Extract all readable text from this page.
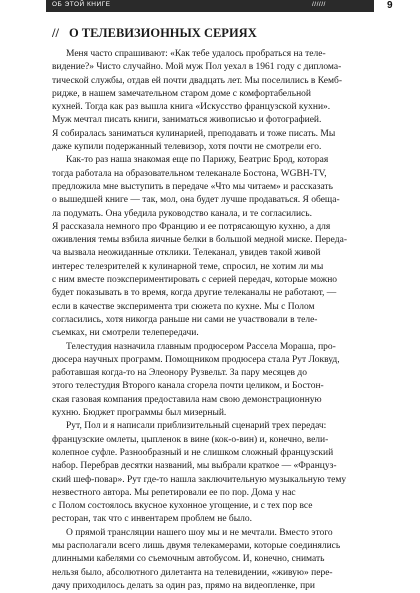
ОБ ЭТОЙ КНИГЕ	//////	9
// О ТЕЛЕВИЗИОННЫХ СЕРИЯХ
Меня часто спрашивают: «Как тебе удалось пробраться на теле-
видение?» Чисто случайно. Мой муж Пол уехал в 1961 году с диплома-
тической службы, отдав ей почти двадцать лет. Мы поселились в Кемб-
ридже, в нашем замечательном старом доме с комфортабельной
кухней. Тогда как раз вышла книга «Искусство французской кухни».
Муж мечтал писать книги, заниматься живописью и фотографией.
Я собиралась заниматься кулинарией, преподавать и тоже писать. Мы
даже купили подержанный телевизор, хотя почти не смотрели его.
Как-то раз наша знакомая еще по Парижу, Беатрис Брод, которая
тогда работала на образовательном телеканале Бостона, WGBH-TV,
предложила мне выступить в передаче «Что мы читаем» и рассказать
о вышедшей книге — так, мол, она будет лучше продаваться. Я обеща-
ла подумать. Она убедила руководство канала, и те согласились.
Я рассказала немного про Францию и ее потрясающую кухню, а для
оживления темы взбила яичные белки в большой медной миске. Переда-
ча вызвала неожиданные отклики. Телеканал, увидев такой живой
интерес телезрителей к кулинарной теме, спросил, не хотим ли мы
с ним вместе поэкспериментировать с серией передач, которые можно
будет показывать в то время, когда другие телеканалы не работают, —
если в качестве эксперимента три сюжета по кухне. Мы с Полом
согласились, хотя никогда раньше ни сами не участвовали в теле-
съемках, ни смотрели телепередачи.
Телестудия назначила главным продюсером Рассела Морашa, про-
дюсера научных программ. Помощником продюсера стала Рут Локвуд,
работавшая когда-то на Элеонору Рузвельт. За пару месяцев до
этого телестудия Второго канала сгорела почти целиком, и Бостон-
ская газовая компания предоставила нам свою демонстрационную
кухню. Бюджет программы был мизерный.
Рут, Пол и я написали приблизительный сценарий трех передач:
французские омлеты, цыпленок в вине (кок-о-вин) и, конечно, вели-
колепное суфле. Разнообразный и не слишком сложный французский
набор. Перебрав десятки названий, мы выбрали краткое — «Француз-
ский шеф-повар». Рут где-то нашла заключительную музыкальную тему
незвестного автора. Мы репетировали ее по пор. Дома у нас
с Полом состоялось вкусное кухонное угощение, и с тех пор все
ресторан, так что с инвентарем проблем не было.
О прямой трансляции нашего шоу мы и не мечтали. Вместо этого
мы располагали всего лишь двумя телекамерами, которые соединялись
длинными кабелями со съемочным автобусом. И, конечно, снимать
нельзя было, абсолютного дилетанта на телевидении, «живую» пере-
дачу приходилось делать за один раз, прямо на видеопленке, при
